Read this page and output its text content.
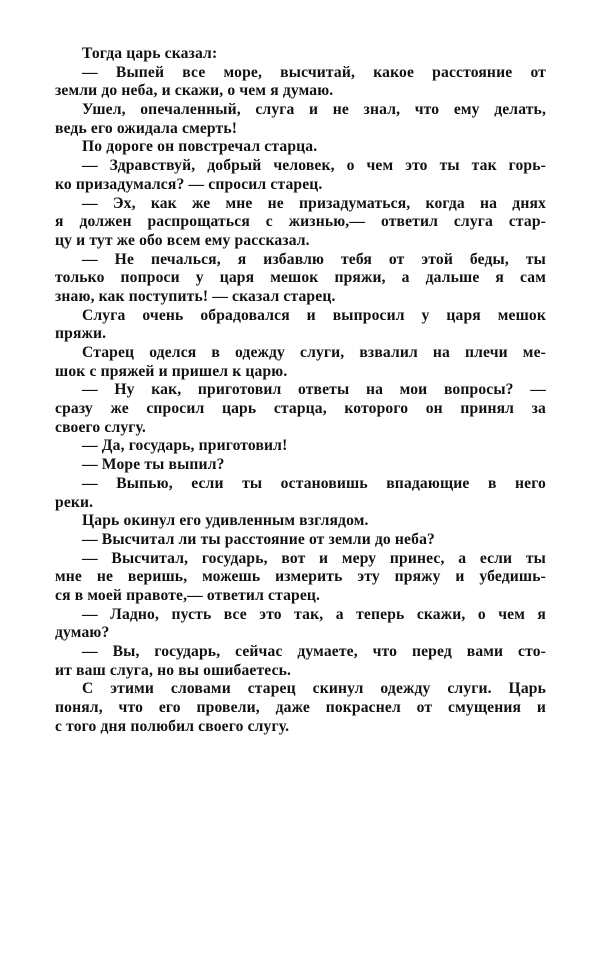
Тогда царь сказал:
— Выпей все море, высчитай, какое расстояние от
земли до неба, и скажи, о чем я думаю.
Ушел, опечаленный, слуга и не знал, что ему делать,
ведь его ожидала смерть!
По дороге он повстречал старца.
— Здравствуй, добрый человек, о чем это ты так горь-
ко призадумался? — спросил старец.
— Эх, как же мне не призадуматься, когда на днях
я должен распрощаться с жизнью,— ответил слуга стар-
цу и тут же обо всем ему рассказал.
— Не печалься, я избавлю тебя от этой беды, ты
только попроси у царя мешок пряжи, а дальше я сам
знаю, как поступить! — сказал старец.
Слуга очень обрадовался и выпросил у царя мешок
пряжи.
Старец оделся в одежду слуги, взвалил на плечи ме-
шок с пряжей и пришел к царю.
— Ну как, приготовил ответы на мои вопросы? —
сразу же спросил царь старца, которого он принял за
своего слугу.
— Да, государь, приготовил!
— Море ты выпил?
— Выпью, если ты остановишь впадающие в него
реки.
Царь окинул его удивленным взглядом.
— Высчитал ли ты расстояние от земли до неба?
— Высчитал, государь, вот и меру принес, а если ты
мне не веришь, можешь измерить эту пряжу и убедишь-
ся в моей правоте,— ответил старец.
— Ладно, пусть все это так, а теперь скажи, о чем я
думаю?
— Вы, государь, сейчас думаете, что перед вами сто-
ит ваш слуга, но вы ошибаетесь.
С этими словами старец скинул одежду слуги. Царь
понял, что его провели, даже покраснел от смущения и
с того дня полюбил своего слугу.
